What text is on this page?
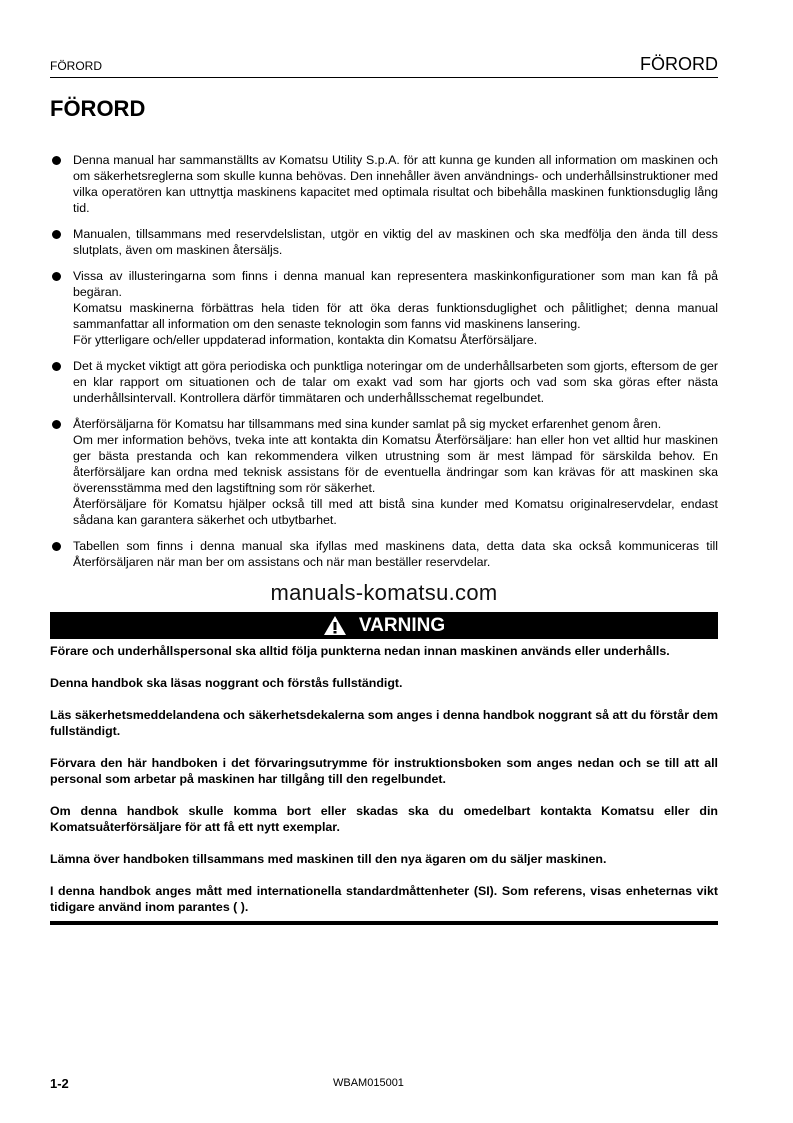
FÖRORD	FÖRORD
FÖRORD

Denna manual har sammanställts av Komatsu Utility S.p.A. för att kunna ge kunden all information om maskinen och om säkerhetsreglerna som skulle kunna behövas. Den innehåller även användnings- och underhållsinstruktioner med vilka operatören kan uttnyttja maskinens kapacitet med optimala risultat och bibehålla maskinen funktionsduglig lång tid.

Manualen, tillsammans med reservdelslistan, utgör en viktig del av maskinen och ska medfölja den ända till dess slutplats, även om maskinen återsäljs.

Vissa av illusteringarna som finns i denna manual kan representera maskinkonfigurationer som man kan få på begäran.

Komatsu maskinerna förbättras hela tiden för att öka deras funktionsduglighet och pålitlighet; denna manual sammanfattar all information om den senaste teknologin som fanns vid maskinens lansering.

För ytterligare och/eller uppdaterad information, kontakta din Komatsu Återförsäljare.

Det ä mycket viktigt att göra periodiska och punktliga noteringar om de underhållsarbeten som gjorts, eftersom de ger en klar rapport om situationen och de talar om exakt vad som har gjorts och vad som ska göras efter nästa underhållsintervall. Kontrollera därför timmätaren och underhållsschemat regelbundet.

Återförsäljarna för Komatsu har tillsammans med sina kunder samlat på sig mycket erfarenhet genom åren.

Om mer information behövs, tveka inte att kontakta din Komatsu Återförsäljare: han eller hon vet alltid hur maskinen ger bästa prestanda och kan rekommendera vilken utrustning som är mest lämpad för särskilda behov. En återförsäljare kan ordna med teknisk assistans för de eventuella ändringar som kan krävas för att maskinen ska överensstämma med den lagstiftning som rör säkerhet.

Återförsäljare för Komatsu hjälper också till med att bistå sina kunder med Komatsu originalreservdelar, endast sådana kan garantera säkerhet och utbytbarhet.

Tabellen som finns i denna manual ska ifyllas med maskinens data, detta data ska också kommuniceras till Återförsäljaren när man ber om assistans och när man beställer reservdelar.

manuals-komatsu.com
VARNING

Förare och underhållspersonal ska alltid följa punkterna nedan innan maskinen används eller underhålls.

Denna handbok ska läsas noggrant och förstås fullständigt.

Läs säkerhetsmeddelandena och säkerhetsdekalerna som anges i denna handbok noggrant så att du förstår dem fullständigt.

Förvara den här handboken i det förvaringsutrymme för instruktionsboken som anges nedan och se till att all personal som arbetar på maskinen har tillgång till den regelbundet.

Om denna handbok skulle komma bort eller skadas ska du omedelbart kontakta Komatsu eller din Komatsuåterförsäljare för att få ett nytt exemplar.

Lämna över handboken tillsammans med maskinen till den nya ägaren om du säljer maskinen.

I denna handbok anges mått med internationella standardmåttenheter (SI). Som referens, visas enheternas vikt tidigare använd inom parantes ( ).

1-2	WBAM015001
